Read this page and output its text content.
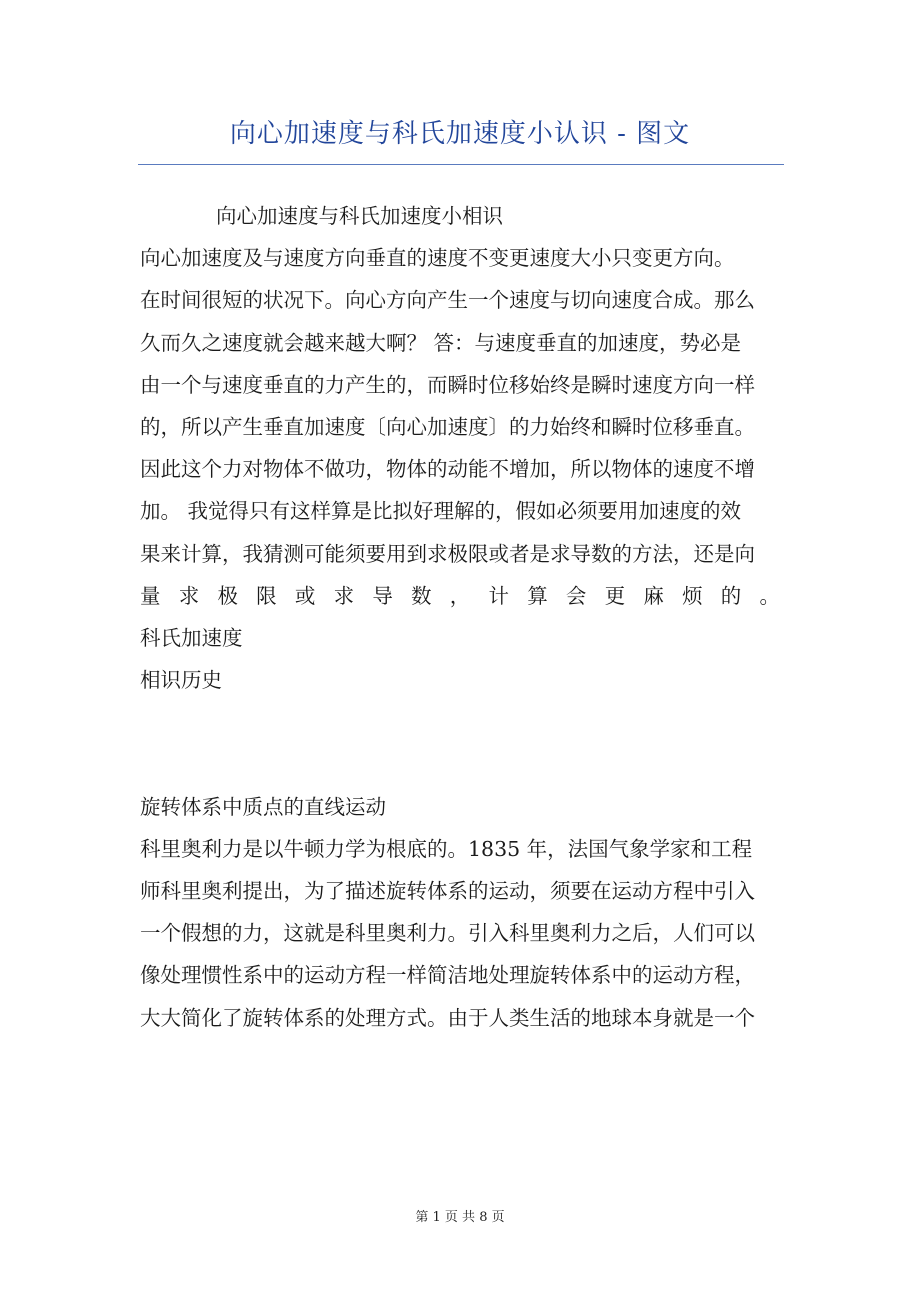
向心加速度与科氏加速度小认识 - 图文
向心加速度与科氏加速度小相识
向心加速度及与速度方向垂直的速度不变更速度大小只变更方向。
在时间很短的状况下。向心方向产生一个速度与切向速度合成。那么
久而久之速度就会越来越大啊？ 答：与速度垂直的加速度，势必是
由一个与速度垂直的力产生的，而瞬时位移始终是瞬时速度方向一样
的，所以产生垂直加速度〔向心加速度〕的力始终和瞬时位移垂直。
因此这个力对物体不做功，物体的动能不增加，所以物体的速度不增
加。 我觉得只有这样算是比拟好理解的，假如必须要用加速度的效
果来计算，我猜测可能须要用到求极限或者是求导数的方法，还是向
量 求 极 限 或 求 导 数 ， 计 算 会 更 麻 烦 的 。
科氏加速度
相识历史
旋转体系中质点的直线运动
科里奥利力是以牛顿力学为根底的。1835 年，法国气象学家和工程
师科里奥利提出，为了描述旋转体系的运动，须要在运动方程中引入
一个假想的力，这就是科里奥利力。引入科里奥利力之后，人们可以
像处理惯性系中的运动方程一样简洁地处理旋转体系中的运动方程，
大大简化了旋转体系的处理方式。由于人类生活的地球本身就是一个
第 1 页 共 8 页
